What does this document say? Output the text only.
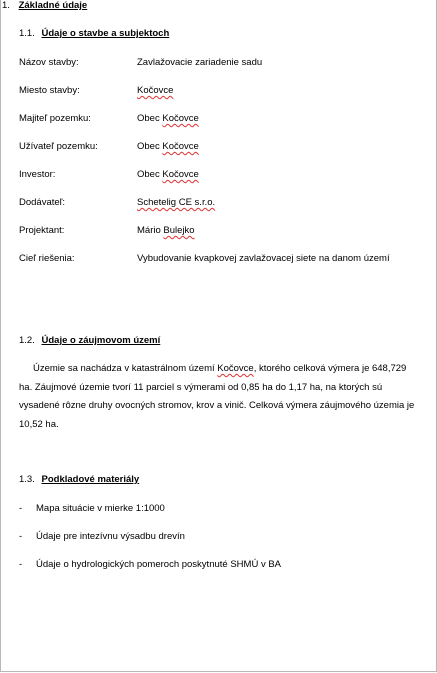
1. Základné údaje
1.1. Údaje o stavbe a subjektoch
Názov stavby:	Zavlažovacie zariadenie sadu
Miesto stavby:	Kočovce
Majiteľ pozemku:	Obec Kočovce
Užívateľ pozemku:	Obec Kočovce
Investor:	Obec Kočovce
Dodávateľ:	Schetelig CE s.r.o.
Projektant:	Mário Bulejko
Cieľ riešenia:	Vybudovanie kvapkovej zavlažovacej siete na danom území
1.2. Údaje o záujmovom území
Územie sa nachádza v katastrálnom území Kočovce, ktorého celková výmera je 648,729 ha. Záujmové územie tvorí 11 parciel s výmerami od 0,85 ha do 1,17 ha, na ktorých sú vysadené rôzne druhy ovocných stromov, krov a vinič. Celková výmera záujmového územia je 10,52 ha.
1.3. Podkladové materiály
- Mapa situácie v mierke 1:1000
- Údaje pre intezívnu výsadbu drevín
- Údaje o hydrologických pomeroch poskytnuté SHMÚ v BA
